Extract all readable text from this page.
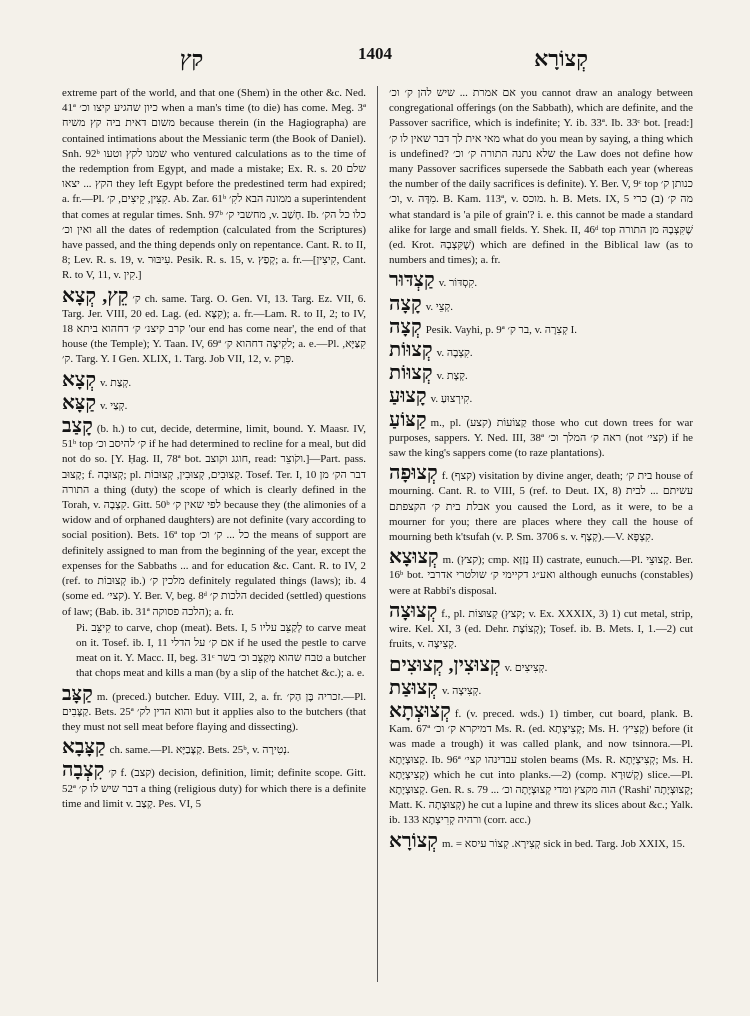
קץ	1404	קְצוֹרָא

extreme part of the world, and that one (Shem) in the other &c. Ned. 41ª כיון שהגיע קיצו וכ׳ when a man's time (to die) has come. Meg. 3ª משום דאית ביה קץ משיח because therein (in the Hagiographa) are contained intimations about the Messianic term (the Book of Daniel). Snh. 92ᵇ שמנו לקץ וטעו who ventured calculations as to the time of the redemption from Egypt, and made a mistake; Ex. R. s. 20 שלם הקץ ... יצאו they left Egypt before the predestined term had expired; a. fr.—Pl. קִצִּין, קֵיצִים, ק׳. Ab. Zar. 61ᵇ ממונה הבא לקִ׳ a superintendent that comes at regular times. Snh. 97ᵇ מחשבי ק׳ ,v. חָשַׁב. Ib. כלו כל הק׳ ואין וכ׳ all the dates of redemption (calculated from the Scriptures) have passed, and the thing depends only on repentance. Cant. R. to II, 8; Lev. R. s. 19, v. עִיבּוּר. Pesik. R. s. 15, v. קְפַץ; a. fr.—[קִיצִין, Cant. R. to V, 11, v. קִין.]

קֵץ, קְצָא ק׳ ch. same. Targ. O. Gen. VI, 13. Targ. Ez. VII, 6. Targ. Jer. VIII, 20 ed. Lag. (ed. קִצָּא); a. fr.—Lam. R. to II, 2; to IV, 18 קרב קיצנ׳ ק׳ דחהוא ביתא 'our end has come near', the end of that house (the Temple); Y. Taan. IV, 69ª לקִיצָה דחהוא ק׳; a. e.—Pl. קִצַּיָּא, ק׳. Targ. Y. I Gen. XLIX, 1. Targ. Job VII, 12, v. פְּרַק.

קְצָא v. קְצַת.

קַצָּא v. קְצַי.

קָצַב (b. h.) to cut, decide, determine, limit, bound. Y. Maasr. IV, 51ᵇ top ק׳ להיסב וכ׳ if he had determined to recline for a meal, but did not do so. [Y. Ḥag. II, 78ª bot. חוגג וקוצב, read: וקֹוצֵר.]—Part. pass. קָצוּב; f. קְצוּבָה; pl. קְצוּבִים, קְצוּבִין, קְצוּבוֹת. Tosef. Ter. I, 10 דבר הק׳ מן התורה a thing (duty) the scope of which is clearly defined in the Torah, v. קִצְבָה. Gitt. 50ᵇ לפי שאין ק׳ because they (the alimonies of a widow and of orphaned daughters) are not definite (vary according to social position). Bets. 16ª top כל ... ק׳ וכ׳ the means of support are definitely assigned to man from the beginning of the year, except the expenses for the Sabbaths ... and for education &c. Cant. R. to IV, 2 (ref. to קְצוּבוֹת ib.) מלכין ק׳ definitely regulated things (laws); ib. 4 (some ed. קצי׳). Y. Ber. V, beg. 8ᵈ הלכות ק׳ decided (settled) questions of law; (Bab. ib. 31ª הלכה פסוקה); a. fr.

Pi. קִיצֵּב to carve, chop (meat). Bets. I, 5 לְקַצֵּב עליו to carve meat on it. Tosef. ib. I, 11 אם ק׳ על הדלי if he used the pestle to carve meat on it. Y. Macc. II, beg. 31ᶜ טבח שהוא מְקַצֵּב וכ׳ בשר a butcher that chops meat and kills a man (by a slip of the hatchet &c.); a. e.

קַצָּב m. (preced.) butcher. Eduy. VIII, 2, a. fr. זכריה בֶּן הַק׳.—Pl. קַצָּבִים. Bets. 25ª והוא הדין לק׳ but it applies also to the butchers (that they must not sell meat before flaying and dissecting).

קַצָּבָא ch. same.—Pl. קַצָּבַיָּא. Bets. 25ᵇ, v. נְטִירָה.

קִצְבָה ק׳ f. (קצב) decision, definition, limit; definite scope. Gitt. 52ª דבר שיש לו ק׳ a thing (religious duty) for which there is a definite time and limit v. קָצַב. Pes. VI, 5

אם אמרת ... שיש להן ק׳ וכ׳ you cannot draw an analogy between congregational offerings (on the Sabbath), which are definite, and the Passover sacrifice, which is indefinite; Y. ib. 33ª. Ib. 33ᶜ bot. [read:] מאי אית לך דבר שאין לו ק׳ what do you mean by saying, a thing which is undefined? שלא נתנה התורה ק׳ וכ׳ the Law does not define how many Passover sacrifices supersede the Sabbath each year (whereas the number of the daily sacrifices is definite). Y. Ber. V, 9ᶜ top כנותן ק׳ וכ׳, v. מִדָּה. B. Kam. 113ª, v. מוכס. h. B. Mets. IX, 5 מה ק׳ (ב) כרי what standard is 'a pile of grain'? i. e. this cannot be made a standard alike for large and small fields. Y. Shek. II, 46ᵈ top שֶׁקִּצְבָהּ מן התורה (ed. Krot. שֶׁקִּצְבָהּ) which are defined in the Biblical law (as to numbers and times); a. fr.

קַצְדּוּר v. קִסְדּוֹר.

קָצָה v. קְצֵי.

קְצָה Pesik. Vayhi, p. 9ª בר ק׳, v. קְצִרָה I.

קְצוּוֹת v. קִצְבָה.

קְצוּוֹת v. קְצָת.

קָצוּעַ v. קִירְצוּעַ.

קַצּוֹעַ m., pl. קַצּוֹעוֹת (קצע) those who cut down trees for war purposes, sappers. Y. Ned. III, 38ª ראה ק׳ המלך וכ׳ (not קצי׳) if he saw the king's sappers come (to raze plantations).

קְצוּפָה f. (קצף) visitation by divine anger, death; בית ק׳ house of mourning. Cant. R. to VIII, 5 (ref. to Deut. IX, 8) עשיתם ... לבית אבלת בית ק׳ הקצפתם you caused the Lord, as it were, to be a mourner for you; there are places where they call the house of mourning beth k'tsufah (v. P. Sm. 3706 s. v. קְצָף).—V. קִצְפָּא.

קְצוּצָא m. (קצץ); cmp. נְזַזָּא II) castrate, eunuch.—Pl. קְצוּצֵי. Ber. 16ᵇ bot. ואע״ג דקיימי ק׳ שולטרי אדרבי although eunuchs (constables) were at Rabbi's disposal.

קְצוּצָה f., pl. קְצוּצוֹת (קצץ; v. Ex. XXXIX, 3) 1) cut metal, strip, wire. Kel. XI, 3 (ed. Dehr. קְצוֹצֶת); Tosef. ib. B. Mets. I, 1.—2) cut fruits, v. קְצִיצָה.

קְצוּצִין, קְצוּצִים v. קְצִיצִים.

קְצוּצַת v. קְצִיצָה.

קְצוּצְתָא f. (v. preced. wds.) 1) timber, cut board, plank. B. Kam. 67ª דמיקרא ק׳ וכ׳ Ms. R. (ed. קְצִיצְתָא; Ms. H. קְצִיץ׳) before (it was made a trough) it was called plank, and now tsinnora.—Pl. קְצוּצְיָתָא. Ib. 96ª עבדינהו קצי׳ stolen beams (Ms. R. קְצִיצְיָתָא; Ms. H. קְצִיצְיָתָא) which he cut into planks.—2) (comp. קְשׁוּרָא) slice.—Pl. קְצוּצְיָתָא. Gen. R. s. 79 ... הוה מקצץ ומדי קְצוּצְיָתָה וכ׳ ('Rashi' קְצוּצְיָתָה; Matt. K. קְצוּצְתָה) he cut a lupine and threw its slices about &c.; Yalk. ib. 133 ורהיה קְרִיצְתָא (corr. acc.)

קְצוֹרָא m. = קְצִירָא. קְצוֹר עיסא sick in bed. Targ. Job XXIX, 15.
